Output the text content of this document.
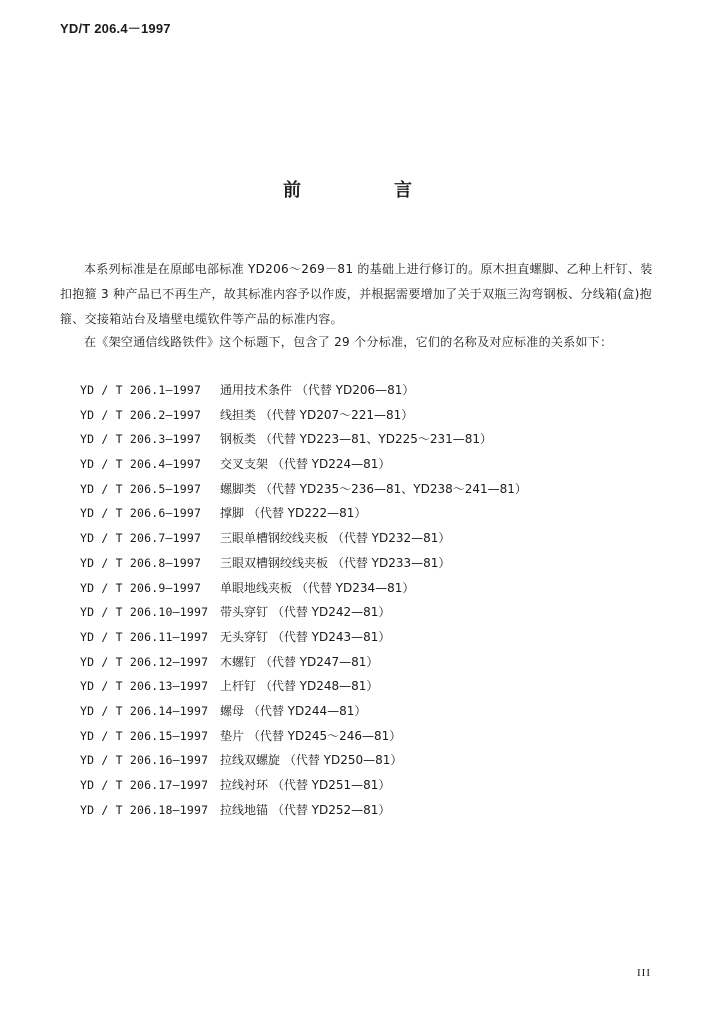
YD/T 206.4－1997
前	言

本系列标准是在原邮电部标准 YD206～269－81 的基础上进行修订的。原木担直螺脚、乙种上杆钉、装扣抱箍 3 种产品已不再生产，故其标准内容予以作废，并根据需要增加了关于双瓶三沟弯钢板、分线箱(盒)抱箍、交接箱站台及墙壁电缆钦件等产品的标准内容。

在《架空通信线路铁件》这个标题下，包含了 29 个分标准，它们的名称及对应标准的关系如下：

YD / T 206.1—1997 通用技术条件 （代替 YD206—81）
YD / T 206.2—1997 线担类 （代替 YD207～221—81）
YD / T 206.3—1997 钢板类 （代替 YD223—81、YD225～231—81）
YD / T 206.4—1997 交叉支架 （代替 YD224—81）
YD / T 206.5—1997 螺脚类 （代替 YD235～236—81、YD238～241—81）
YD / T 206.6—1997 撑脚 （代替 YD222—81）
YD / T 206.7—1997 三眼单槽钢绞线夹板 （代替 YD232—81）
YD / T 206.8—1997 三眼双槽钢绞线夹板 （代替 YD233—81）
YD / T 206.9—1997 单眼地线夹板 （代替 YD234—81）
YD / T 206.10—1997 带头穿钉 （代替 YD242—81）
YD / T 206.11—1997 无头穿钉 （代替 YD243—81）
YD / T 206.12—1997 木螺钉 （代替 YD247—81）
YD / T 206.13—1997 上杆钉 （代替 YD248—81）
YD / T 206.14—1997 螺母 （代替 YD244—81）
YD / T 206.15—1997 垫片 （代替 YD245～246—81）
YD / T 206.16—1997 拉线双螺旋 （代替 YD250—81）
YD / T 206.17—1997 拉线衬环 （代替 YD251—81）
YD / T 206.18—1997 拉线地锚 （代替 YD252—81）
III
